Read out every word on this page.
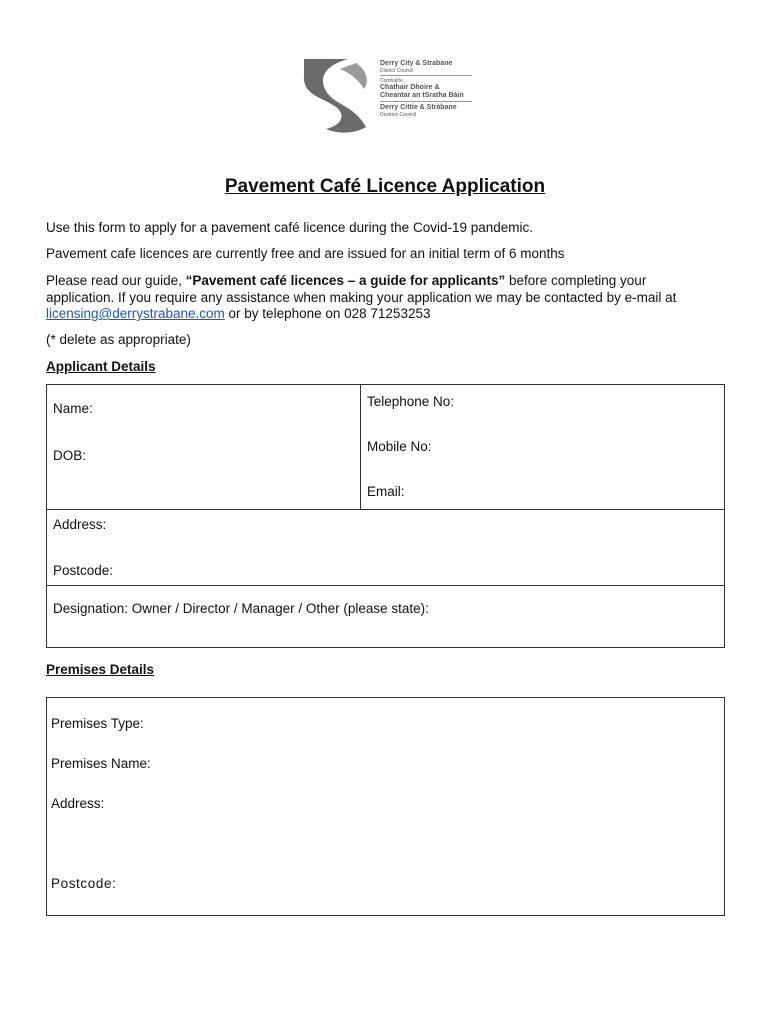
Derry City & Strabane
District Council
Comhairle
Chathair Dhoire &
Cheantar an tSratha Báin
Derry Cittie & Stràbane
Destrick Cooncil
Pavement Café Licence Application
Use this form to apply for a pavement café licence during the Covid-19 pandemic.
Pavement cafe licences are currently free and are issued for an initial term of 6 months
Please read our guide, “Pavement café licences – a guide for applicants” before completing your application. If you require any assistance when making your application we may be contacted by e-mail at licensing@derrystrabane.com or by telephone on 028 71253253
(* delete as appropriate)
Applicant Details
Name:
DOB:
Telephone No:
Mobile No:
Email:
Address:
Postcode:
Designation: Owner / Director / Manager / Other (please state):
Premises Details
Premises Type:
Premises Name:
Address:
Postcode:
